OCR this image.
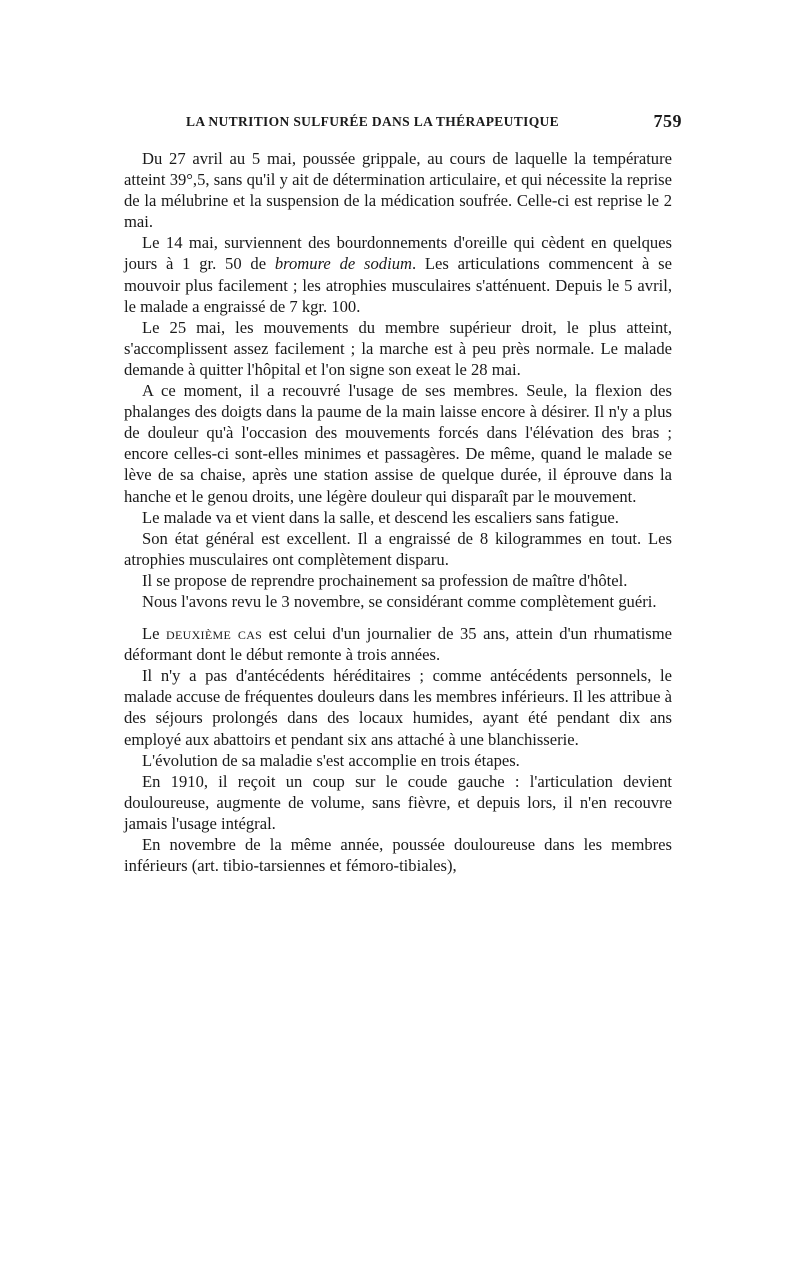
LA NUTRITION SULFURÉE DANS LA THÉRAPEUTIQUE	759

Du 27 avril au 5 mai, poussée grippale, au cours de laquelle la température atteint 39°,5, sans qu'il y ait de détermination articulaire, et qui nécessite la reprise de la mélubrine et la suspension de la médication soufrée. Celle-ci est reprise le 2 mai.

Le 14 mai, surviennent des bourdonnements d'oreille qui cèdent en quelques jours à 1 gr. 50 de bromure de sodium. Les articulations commencent à se mouvoir plus facilement ; les atrophies musculaires s'atténuent. Depuis le 5 avril, le malade a engraissé de 7 kgr. 100.

Le 25 mai, les mouvements du membre supérieur droit, le plus atteint, s'accomplissent assez facilement ; la marche est à peu près normale. Le malade demande à quitter l'hôpital et l'on signe son exeat le 28 mai.

A ce moment, il a recouvré l'usage de ses membres. Seule, la flexion des phalanges des doigts dans la paume de la main laisse encore à désirer. Il n'y a plus de douleur qu'à l'occasion des mouvements forcés dans l'élévation des bras ; encore celles-ci sont-elles minimes et passagères. De même, quand le malade se lève de sa chaise, après une station assise de quelque durée, il éprouve dans la hanche et le genou droits, une légère douleur qui disparaît par le mouvement.

Le malade va et vient dans la salle, et descend les escaliers sans fatigue.

Son état général est excellent. Il a engraissé de 8 kilogrammes en tout. Les atrophies musculaires ont complètement disparu.

Il se propose de reprendre prochainement sa profession de maître d'hôtel.

Nous l'avons revu le 3 novembre, se considérant comme complètement guéri.

Le deuxième cas est celui d'un journalier de 35 ans, attein d'un rhumatisme déformant dont le début remonte à trois années.

Il n'y a pas d'antécédents héréditaires ; comme antécédents personnels, le malade accuse de fréquentes douleurs dans les membres inférieurs. Il les attribue à des séjours prolongés dans des locaux humides, ayant été pendant dix ans employé aux abattoirs et pendant six ans attaché à une blanchisserie.

L'évolution de sa maladie s'est accomplie en trois étapes.

En 1910, il reçoit un coup sur le coude gauche : l'articulation devient douloureuse, augmente de volume, sans fièvre, et depuis lors, il n'en recouvre jamais l'usage intégral.

En novembre de la même année, poussée douloureuse dans les membres inférieurs (art. tibio-tarsiennes et fémoro-tibiales),
